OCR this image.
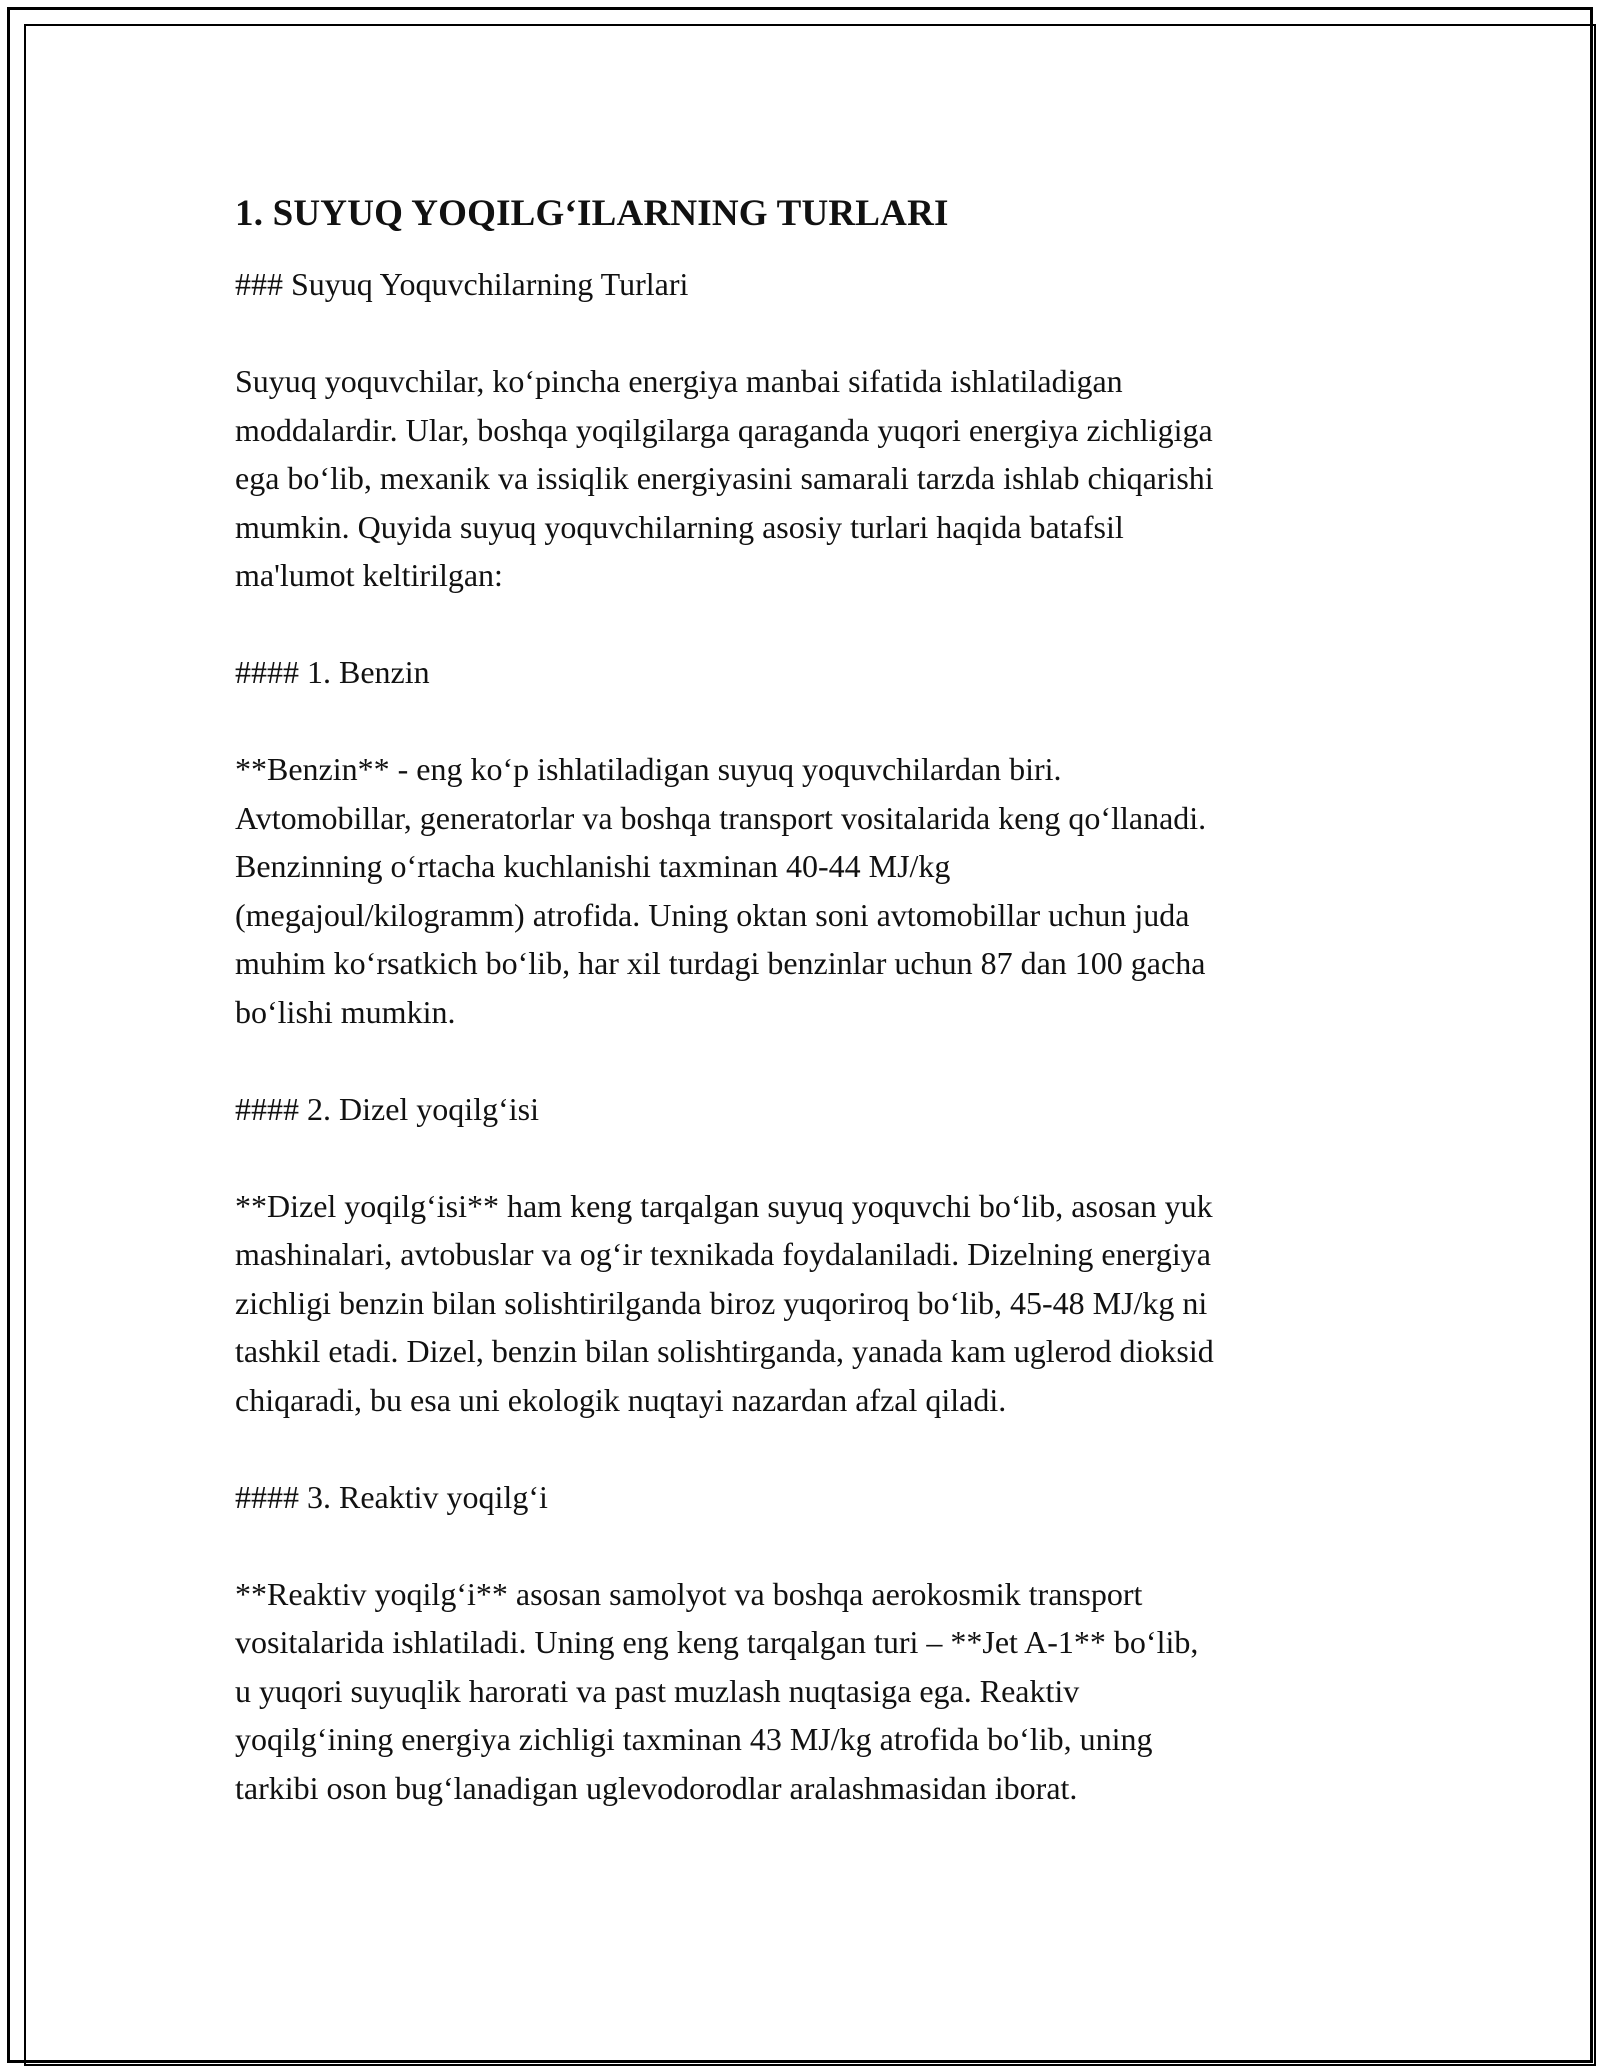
1. SUYUQ YOQILG‘ILARNING TURLARI

### Suyuq Yoquvchilarning Turlari

Suyuq yoquvchilar, ko‘pincha energiya manbai sifatida ishlatiladigan

moddalardir. Ular, boshqa yoqilgilarga qaraganda yuqori energiya zichligiga

ega bo‘lib, mexanik va issiqlik energiyasini samarali tarzda ishlab chiqarishi

mumkin. Quyida suyuq yoquvchilarning asosiy turlari haqida batafsil

ma'lumot keltirilgan:

#### 1. Benzin

**Benzin** - eng ko‘p ishlatiladigan suyuq yoquvchilardan biri.

Avtomobillar, generatorlar va boshqa transport vositalarida keng qo‘llanadi.

Benzinning o‘rtacha kuchlanishi taxminan 40-44 MJ/kg

(megajoul/kilogramm) atrofida. Uning oktan soni avtomobillar uchun juda

muhim ko‘rsatkich bo‘lib, har xil turdagi benzinlar uchun 87 dan 100 gacha

bo‘lishi mumkin.

#### 2. Dizel yoqilg‘isi

**Dizel yoqilg‘isi** ham keng tarqalgan suyuq yoquvchi bo‘lib, asosan yuk

mashinalari, avtobuslar va og‘ir texnikada foydalaniladi. Dizelning energiya

zichligi benzin bilan solishtirilganda biroz yuqoriroq bo‘lib, 45-48 MJ/kg ni

tashkil etadi. Dizel, benzin bilan solishtirganda, yanada kam uglerod dioksid

chiqaradi, bu esa uni ekologik nuqtayi nazardan afzal qiladi.

#### 3. Reaktiv yoqilg‘i

**Reaktiv yoqilg‘i** asosan samolyot va boshqa aerokosmik transport

vositalarida ishlatiladi. Uning eng keng tarqalgan turi – **Jet A-1** bo‘lib,

u yuqori suyuqlik harorati va past muzlash nuqtasiga ega. Reaktiv

yoqilg‘ining energiya zichligi taxminan 43 MJ/kg atrofida bo‘lib, uning

tarkibi oson bug‘lanadigan uglevodorodlar aralashmasidan iborat.
